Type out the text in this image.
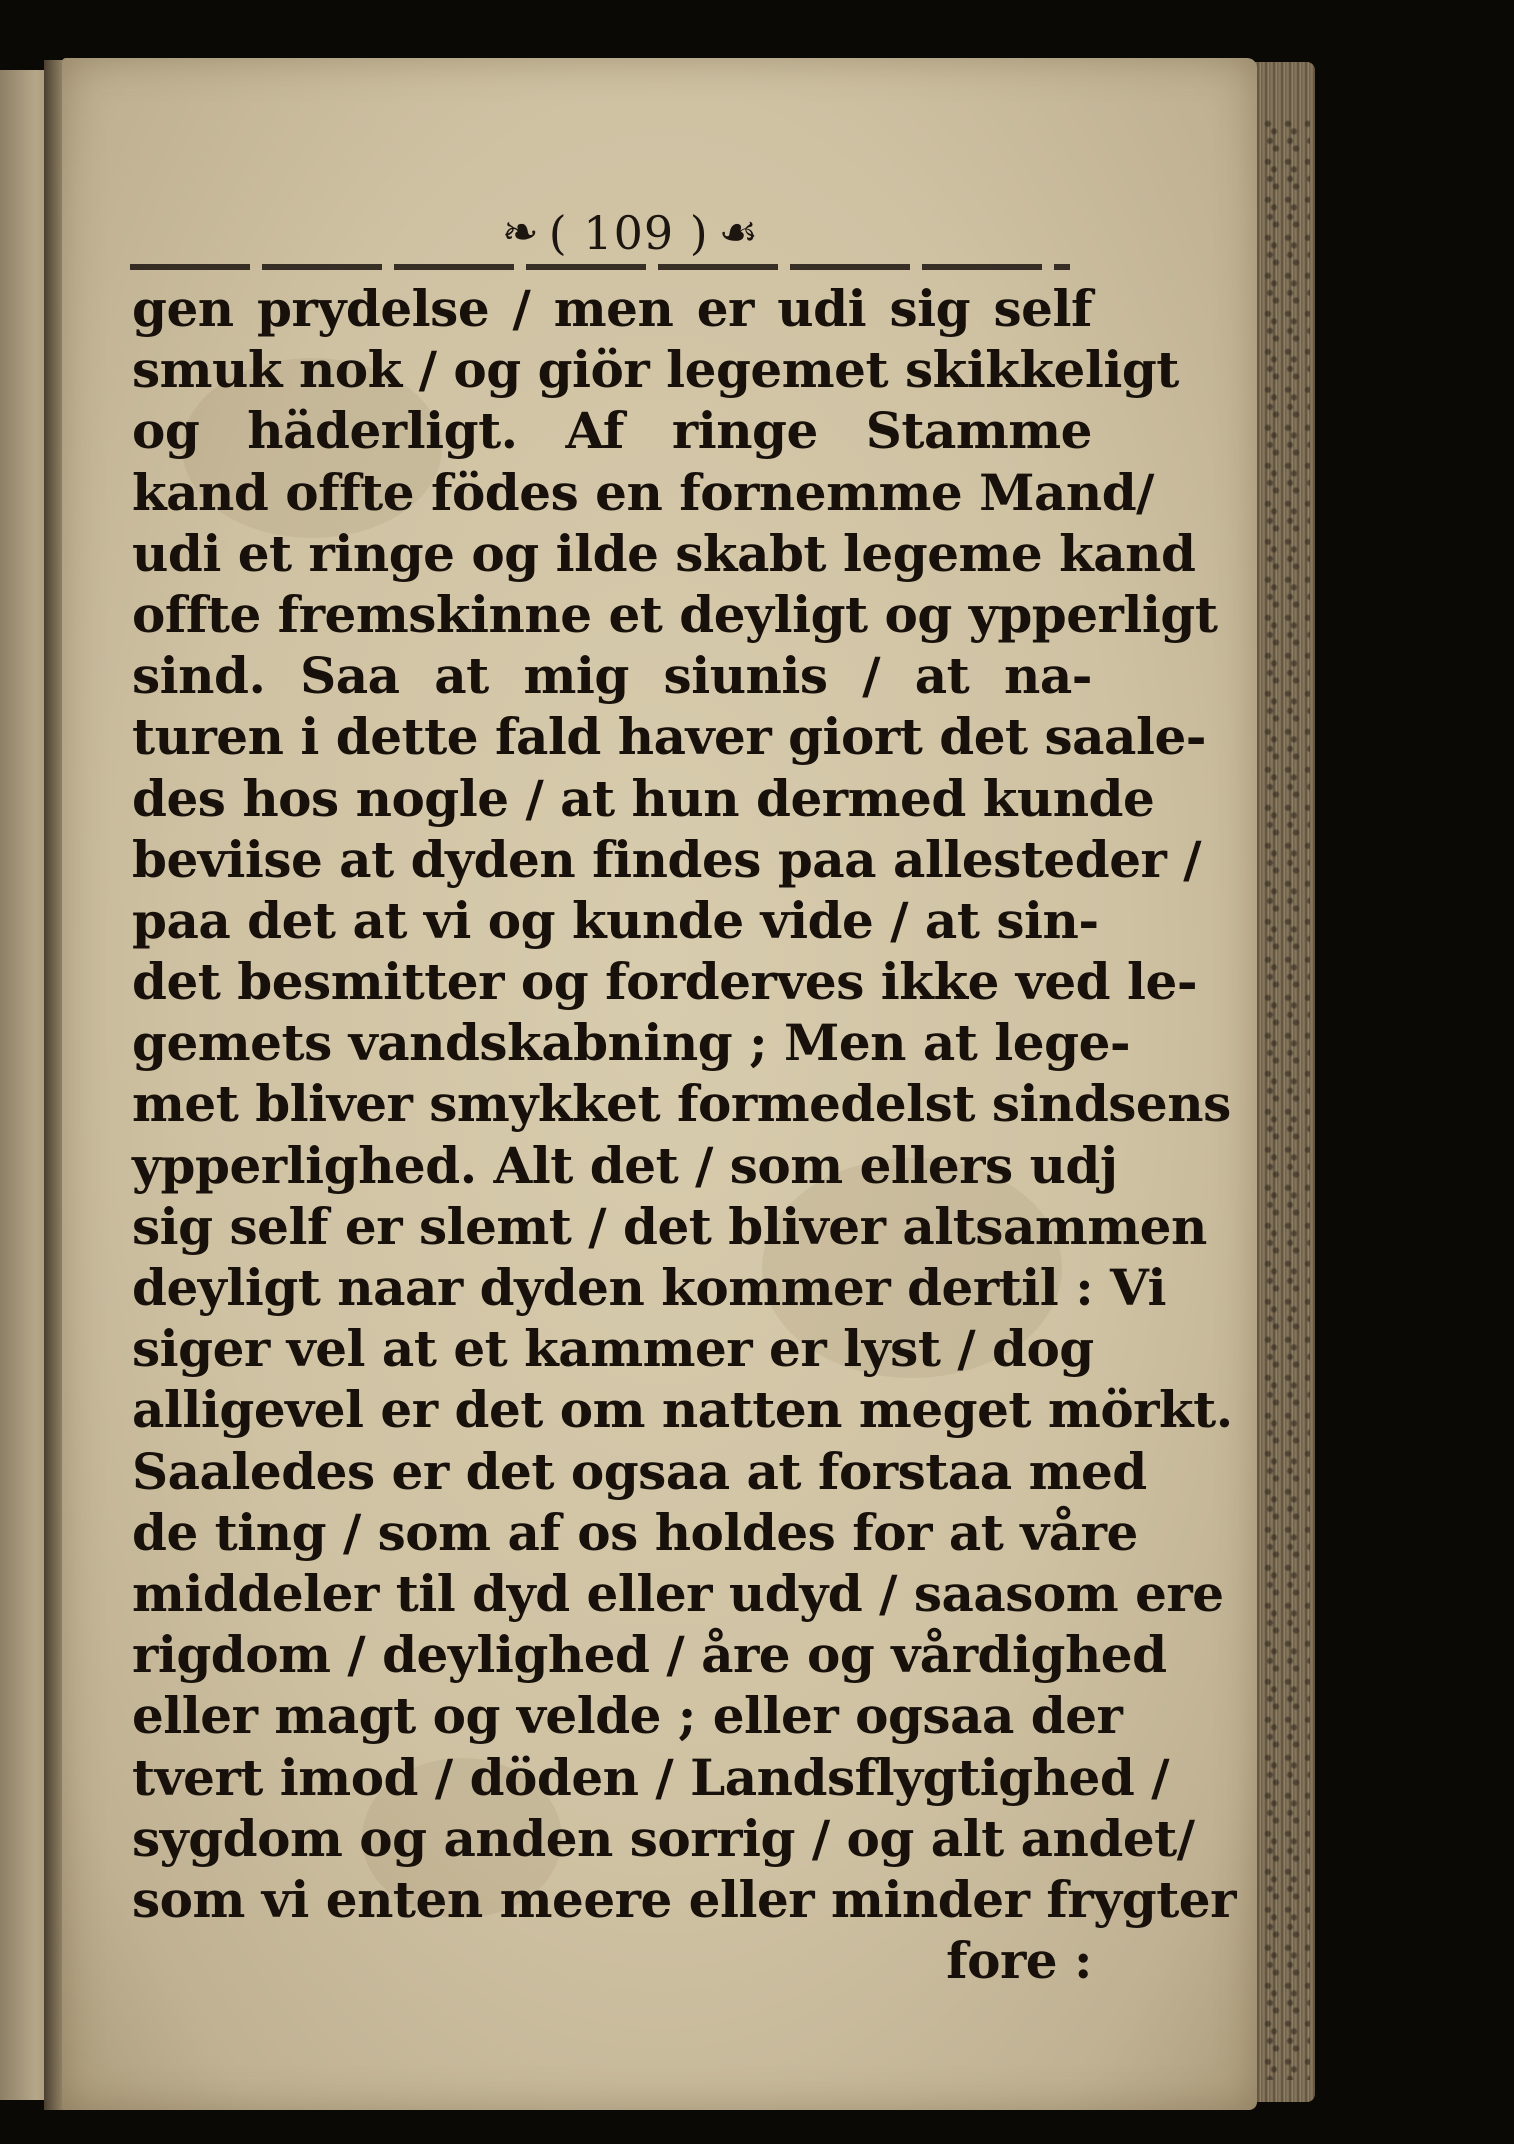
❧ ( 109 ) ☙
gen prydelse / men er udi sig self
smuk nok / og giör legemet skikkeligt
og häderligt. Af ringe Stamme
kand offte födes en fornemme Mand/
udi et ringe og ilde skabt legeme kand
offte fremskinne et deyligt og ypperligt
sind. Saa at mig siunis / at na-
turen i dette fald haver giort det saale-
des hos nogle / at hun dermed kunde
beviise at dyden findes paa allesteder /
paa det at vi og kunde vide / at sin-
det besmitter og forderves ikke ved le-
gemets vandskabning ; Men at lege-
met bliver smykket formedelst sindsens
ypperlighed. Alt det / som ellers udj
sig self er slemt / det bliver altsammen
deyligt naar dyden kommer dertil : Vi
siger vel at et kammer er lyst / dog
alligevel er det om natten meget mörkt.
Saaledes er det ogsaa at forstaa med
de ting / som af os holdes for at våre
middeler til dyd eller udyd / saasom ere
rigdom / deylighed / åre og vårdighed
eller magt og velde ; eller ogsaa der
tvert imod / döden / Landsflygtighed /
sygdom og anden sorrig / og alt andet/
som vi enten meere eller minder frygter
fore :
